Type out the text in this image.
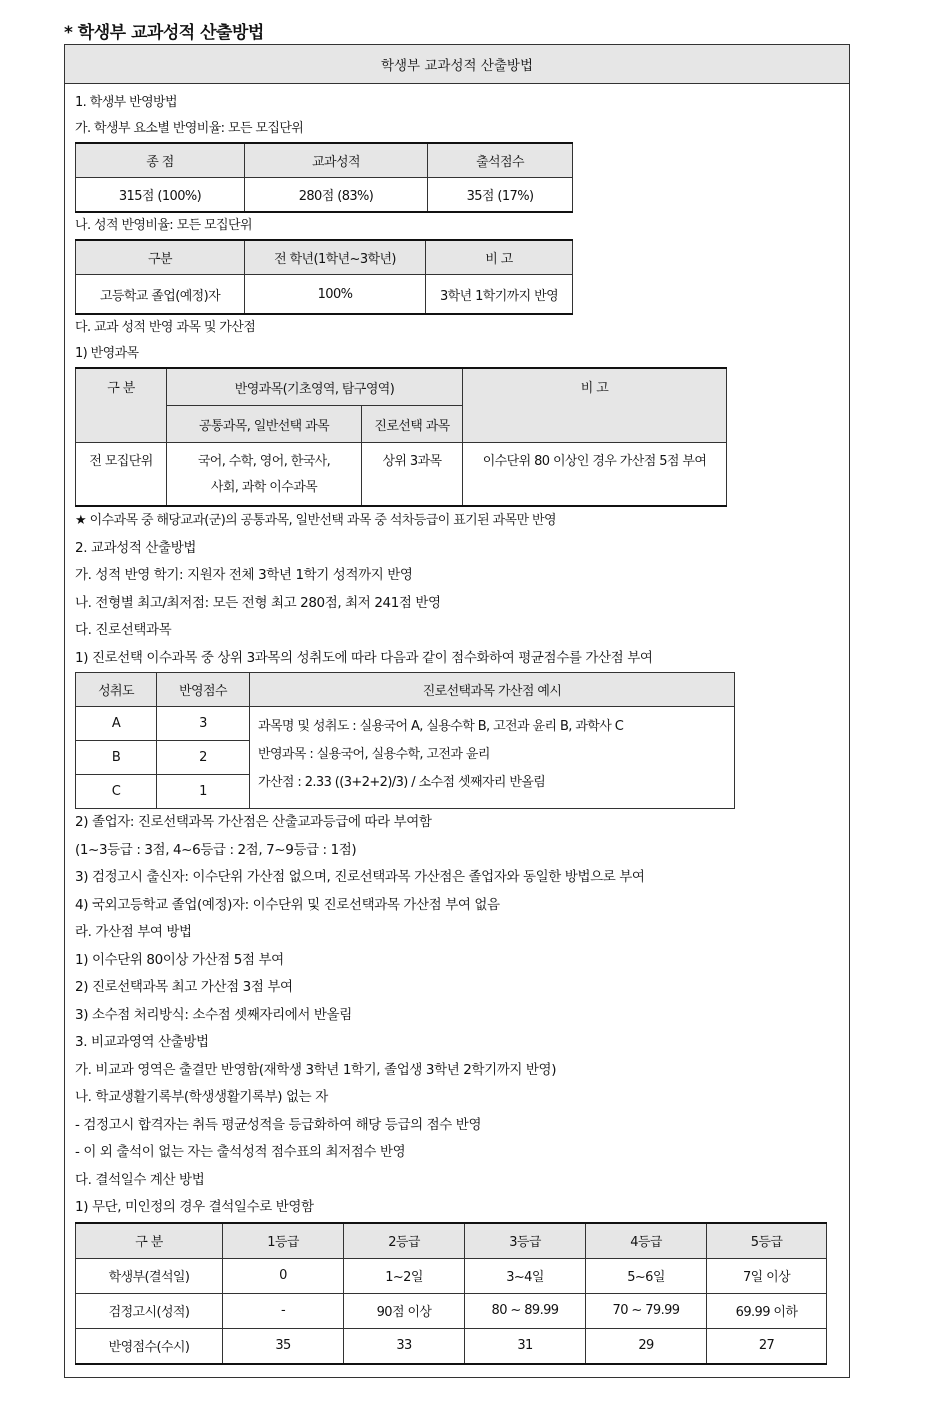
* 학생부 교과성적 산출방법
학생부 교과성적 산출방법
1. 학생부 반영방법
가. 학생부 요소별 반영비율: 모든 모집단위
종 점	교과성적	출석점수
315점 (100%)	280점 (83%)	35점 (17%)
나. 성적 반영비율: 모든 모집단위
구분	전 학년(1학년~3학년)	비 고
고등학교 졸업(예정)자	100%	3학년 1학기까지 반영
다. 교과 성적 반영 과목 및 가산점
1) 반영과목
구 분	반영과목(기초영역, 탐구영역)		비 고
	공통과목, 일반선택 과목	진로선택 과목	
전 모집단위	국어, 수학, 영어, 한국사,
사회, 과학 이수과목	상위 3과목	이수단위 80 이상인 경우 가산점 5점 부여
★ 이수과목 중 해당교과(군)의 공통과목, 일반선택 과목 중 석차등급이 표기된 과목만 반영
2. 교과성적 산출방법
가. 성적 반영 학기: 지원자 전체 3학년 1학기 성적까지 반영
나. 전형별 최고/최저점: 모든 전형 최고 280점, 최저 241점 반영
다. 진로선택과목
1) 진로선택 이수과목 중 상위 3과목의 성취도에 따라 다음과 같이 점수화하여 평균점수를 가산점 부여
성취도	반영점수	진로선택과목 가산점 예시
A	3	과목명 및 성취도 : 실용국어 A, 실용수학 B, 고전과 윤리 B, 과학사 C
반영과목 : 실용국어, 실용수학, 고전과 윤리
가산점 : 2.33 ((3+2+2)/3) / 소수점 셋째자리 반올림

B	2	
C	1	
2) 졸업자: 진로선택과목 가산점은 산출교과등급에 따라 부여함
(1~3등급 : 3점, 4~6등급 : 2점, 7~9등급 : 1점)
3) 검정고시 출신자: 이수단위 가산점 없으며, 진로선택과목 가산점은 졸업자와 동일한 방법으로 부여
4) 국외고등학교 졸업(예정)자: 이수단위 및 진로선택과목 가산점 부여 없음
라. 가산점 부여 방법
1) 이수단위 80이상 가산점 5점 부여
2) 진로선택과목 최고 가산점 3점 부여
3) 소수점 처리방식: 소수점 셋째자리에서 반올림
3. 비교과영역 산출방법
가. 비교과 영역은 출결만 반영함(재학생 3학년 1학기, 졸업생 3학년 2학기까지 반영)
나. 학교생활기록부(학생생활기록부) 없는 자
- 검정고시 합격자는 취득 평균성적을 등급화하여 해당 등급의 점수 반영
- 이 외 출석이 없는 자는 출석성적 점수표의 최저점수 반영
다. 결석일수 계산 방법
1) 무단, 미인정의 경우 결석일수로 반영함
구 분	1등급	2등급	3등급	4등급	5등급
학생부(결석일)	0	1~2일	3~4일	5~6일	7일 이상
검정고시(성적)	-	90점 이상	80 ~ 89.99	70 ~ 79.99	69.99 이하
반영점수(수시)	35	33	31	29	27
